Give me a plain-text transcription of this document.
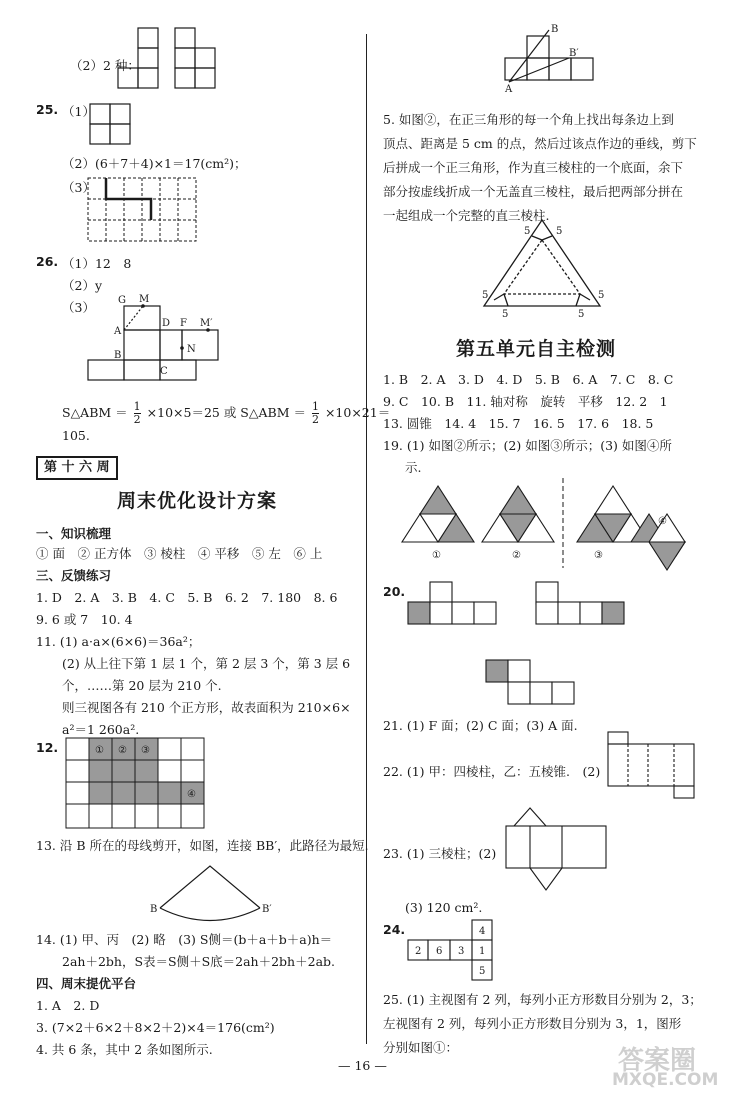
（2）2 种：
25. （1）
（2）(6＋7＋4)×1＝17(cm²)；
（3）
26. （1）12　8
（2）y
（3） G M
A
D F M′
N
B
C
S△ABM ＝ $\frac{1}{2} \times 10\times 5=25$ 或 S△ABM ＝ $\frac{1}{2} \times 10\times 21=$
105.
第 十 六 周
周末优化设计方案
一、知识梳理
① 面　② 正方体　③ 棱柱　④ 平移　⑤ 左　⑥ 上
三、反馈练习
1. D　2. A　3. B　4. C　5. B　6. 2　7. 180　8. 6
9. 6 或 7　10. 4
11. (1) a·a×(6×6)＝36a²；
(2) 从上往下第 1 层 1 个，第 2 层 3 个，第 3 层 6
个，……第 20 层为 210 个.
则三视图各有 210 个正方形，故表面积为 210×6×
a²＝1 260a².
12.	① ② ③
④
13. 沿 B 所在的母线剪开，如图，连接 BB′，此路径为最短.
B	B′
14. (1) 甲、丙　(2) 略　(3) S侧＝(b＋a＋b＋a)h＝
2ah＋2bh，S表＝S侧＋S底＝2ah＋2bh＋2ab.
四、周末提优平台
1. A　2. D
3. (7×2＋6×2＋8×2＋2)×4＝176(cm²)
4. 共 6 条，其中 2 条如图所示.
B
B′
A
5. 如图②，在正三角形的每一个角上找出每条边上到
顶点、距离是 5 cm 的点，然后过该点作边的垂线，剪下
后拼成一个正三角形，作为直三棱柱的一个底面，余下
部分按虚线折成一个无盖直三棱柱，最后把两部分拼在
一起组成一个完整的直三棱柱.
5	5
5	5
5	5
第五单元自主检测
1. B　2. A　3. D　4. D　5. B　6. A　7. C　8. C
9. C　10. B　11. 轴对称　旋转　平移　12. 2　1
13. 圆锥　14. 4　15. 7　16. 5　17. 6　18. 5
19. (1) 如图②所示；(2) 如图③所示；(3) 如图④所
示.
①	②	③
④
20.
21. (1) F 面；(2) C 面；(3) A 面.
22. (1) 甲：四棱柱，乙：五棱锥.　(2)
23. (1) 三棱柱；(2)
(3) 120 cm².
24.	4
2 6 3 1
5
25. (1) 主视图有 2 列，每列小正方形数目分别为 2，3；
左视图有 2 列，每列小正方形数目分别为 3，1，图形
分别如图①：
— 16 —	答案圈
MXQE.COM
